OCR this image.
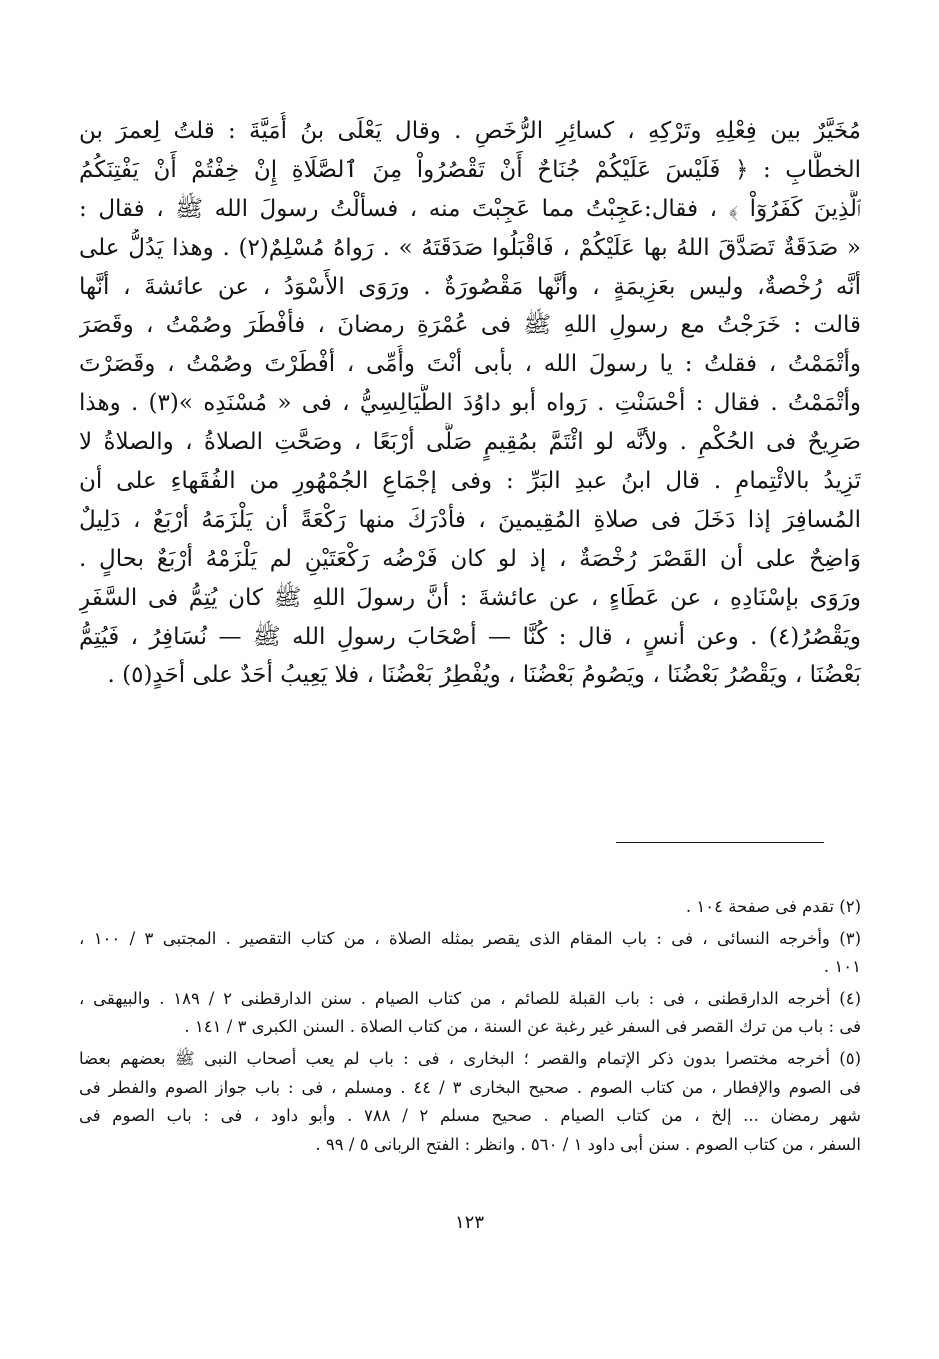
مُخَيَّرٌ بين فِعْلِهِ وتَرْكِهِ ، كسائِرِ الرُّخَصِ . وقال يَعْلَى بنُ أُمَيَّةَ : قلتُ لِعمرَ بن
الخطَّابِ : ﴿ فَلَيْسَ عَلَيْكُمْ جُنَاحٌ أَنْ تَقْصُرُواْ مِنَ ٱلصَّلَاةِ إِنْ خِفْتُمْ أَنْ يَفْتِنَكُمُ
ٱلَّذِينَ كَفَرُوٓاْ ﴾ ، فقال:عَجِبْتُ مما عَجِبْتَ منه ، فسألْتُ رسولَ الله ﷺ ، فقال :
« صَدَقَةٌ تَصَدَّقَ اللهُ بها عَلَيْكُمْ ، فَاقْبَلُوا صَدَقَتَهُ » . رَواهُ مُسْلِمٌ(٢) . وهذا يَدُلُّ على
أنَّه رُخْصةٌ، وليس بعَزِيمَةٍ ، وأنَّها مَقْصُورَةٌ . ورَوَى الأَسْوَدُ ، عن عائشةَ ، أنَّها
قالت : خَرَجْتُ مع رسولِ اللهِ ﷺ فى عُمْرَةِ رمضانَ ، فأفْطَرَ وصُمْتُ ، وقَصَرَ
وأتْمَمْتُ ، فقلتُ : يا رسولَ الله ، بأبى أنْتَ وأُمِّى ، أفْطَرْتَ وصُمْتُ ، وقَصَرْتَ
وأتْمَمْتُ . فقال : أحْسَنْتِ . رَواه أبو داوُدَ الطَّيَالِسِيُّ ، فى « مُسْنَدِه »(٣) . وهذا
صَرِيحٌ فى الحُكْمِ . ولأنَّه لو ائْتَمَّ بمُقِيمٍ صَلَّى أرْبَعًا ، وصَحَّتِ الصلاةُ ، والصلاةُ لا
تَزِيدُ بالائْتِمامِ . قال ابنُ عبدِ البَرِّ : وفى إجْمَاعِ الجُمْهُورِ من الفُقَهاءِ على أن
المُسافِرَ إذا دَخَلَ فى صلاةِ المُقِيمينَ ، فأدْرَكَ منها رَكْعَةً أن يَلْزَمَهُ أرْبَعٌ ، دَلِيلٌ
وَاضِحٌ على أن القَصْرَ رُخْصَةٌ ، إذ لو كان فَرْضُه رَكْعَتَيْنِ لم يَلْزَمْهُ أرْبَعٌ بحالٍ .
ورَوَى بإسْنَادِهِ ، عن عَطَاءٍ ، عن عائشةَ : أنَّ رسولَ اللهِ ﷺ كان يُتِمُّ فى السَّفَرِ
ويَقْصُرُ(٤) . وعن أنسٍ ، قال : كُنَّا — أصْحَابَ رسولِ الله ﷺ — نُسَافِرُ ، فَيُتِمُّ
بَعْضُنَا ، ويَقْصُرُ بَعْضُنَا ، ويَصُومُ بَعْضُنَا ، ويُفْطِرُ بَعْضُنَا ، فلا يَعِيبُ أحَدٌ على أحَدٍ(٥) .
(٢) تقدم فى صفحة ١٠٤ .
(٣) وأخرجه النسائى ، فى : باب المقام الذى يقصر بمثله الصلاة ، من كتاب التقصير . المجتبى ٣ / ١٠٠ ،
١٠١ .
(٤) أخرجه الدارقطنى ، فى : باب القبلة للصائم ، من كتاب الصيام . سنن الدارقطنى ٢ / ١٨٩ . والبيهقى ،
فى : باب من ترك القصر فى السفر غير رغبة عن السنة ، من كتاب الصلاة . السنن الكبرى ٣ / ١٤١ .
(٥) أخرجه مختصرا بدون ذكر الإتمام والقصر ؛ البخارى ، فى : باب لم يعب أصحاب النبى ﷺ بعضهم بعضا
فى الصوم والإفطار ، من كتاب الصوم . صحيح البخارى ٣ / ٤٤ . ومسلم ، فى : باب جواز الصوم والفطر فى
شهر رمضان ... إلخ ، من كتاب الصيام . صحيح مسلم ٢ / ٧٨٨ . وأبو داود ، فى : باب الصوم فى
السفر ، من كتاب الصوم . سنن أبى داود ١ / ٥٦٠ . وانظر : الفتح الربانى ٥ / ٩٩ .
١٢٣
